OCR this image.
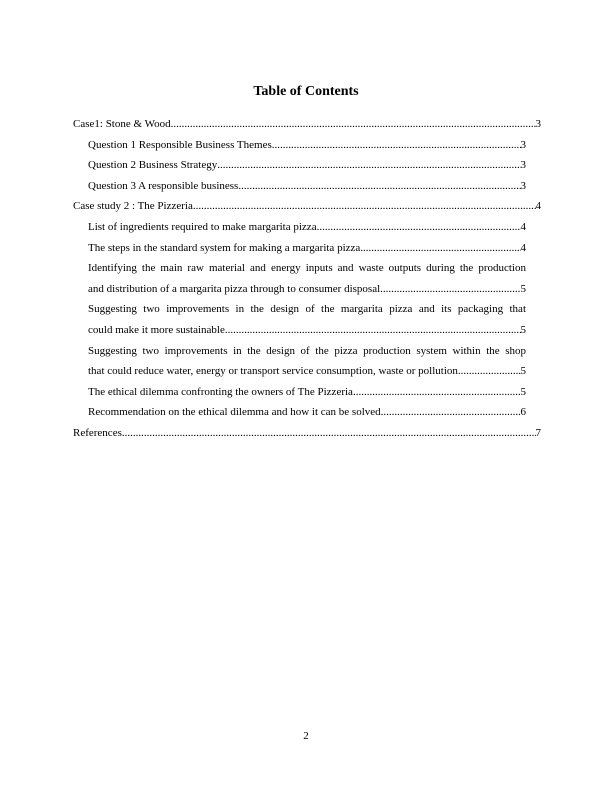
Table of Contents
Case1: Stone & Wood .....	3
Question 1 Responsible Business Themes .....	3
Question 2 Business Strategy .....	3
Question 3 A responsible business .....	3
Case study 2 : The Pizzeria .....	4
List of ingredients required to make margarita pizza .....	4
The steps in the standard system for making a margarita pizza .....	4
Identifying the main raw material and energy inputs and waste outputs during the production
and distribution of a margarita pizza through to consumer disposal .....	5
Suggesting two improvements in the design of the margarita pizza and its packaging that
could make it more sustainable .....	5
Suggesting two improvements in the design of the pizza production system within the shop
that could reduce water, energy or transport service consumption, waste or pollution .....	5
The ethical dilemma confronting the owners of The Pizzeria .....	5
Recommendation on the ethical dilemma and how it can be solved .....	6
References .....	7
2
